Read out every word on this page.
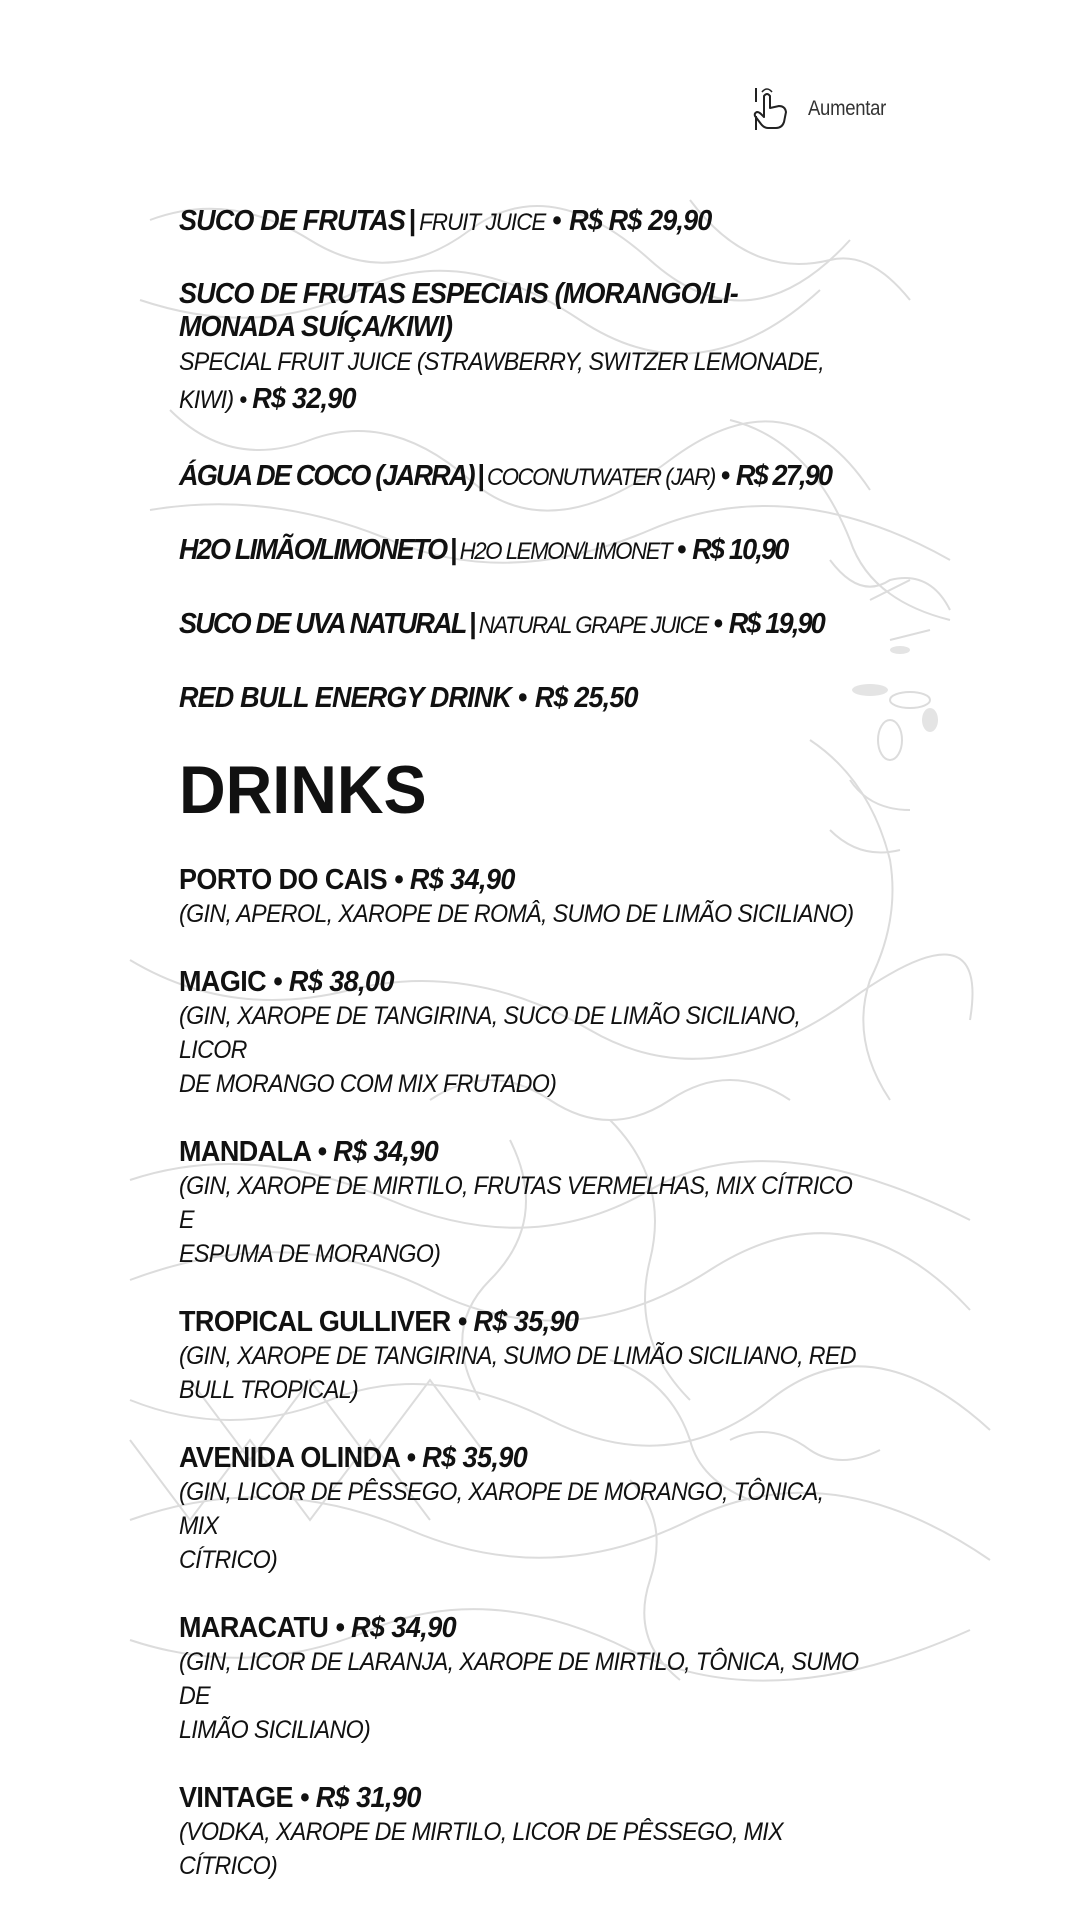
Aumentar
SUCO DE FRUTAS | FRUIT JUICE • R$ R$ 29,90
SUCO DE FRUTAS ESPECIAIS (MORANGO/LI-
MONADA SUÍÇA/KIWI)
SPECIAL FRUIT JUICE (STRAWBERRY, SWITZER LEMONADE,
KIWI) • R$ 32,90
ÁGUA DE COCO (JARRA) | COCONUTWATER (JAR) • R$ 27,90
H2O LIMÃO/LIMONETO | H2O LEMON/LIMONET • R$ 10,90
SUCO DE UVA NATURAL | NATURAL GRAPE JUICE • R$ 19,90
RED BULL ENERGY DRINK • R$ 25,50
DRINKS
PORTO DO CAIS • R$ 34,90
(GIN, APEROL, XAROPE DE ROMÂ, SUMO DE LIMÃO SICILIANO)
MAGIC • R$ 38,00
(GIN, XAROPE DE TANGIRINA, SUCO DE LIMÃO SICILIANO, LICOR
DE MORANGO COM MIX FRUTADO)
MANDALA • R$ 34,90
(GIN, XAROPE DE MIRTILO, FRUTAS VERMELHAS, MIX CÍTRICO E
ESPUMA DE MORANGO)
TROPICAL GULLIVER • R$ 35,90
(GIN, XAROPE DE TANGIRINA, SUMO DE LIMÃO SICILIANO, RED
BULL TROPICAL)
AVENIDA OLINDA • R$ 35,90
(GIN, LICOR DE PÊSSEGO, XAROPE DE MORANGO, TÔNICA, MIX
CÍTRICO)
MARACATU • R$ 34,90
(GIN, LICOR DE LARANJA, XAROPE DE MIRTILO, TÔNICA, SUMO DE
LIMÃO SICILIANO)
VINTAGE • R$ 31,90
(VODKA, XAROPE DE MIRTILO, LICOR DE PÊSSEGO, MIX CÍTRICO)
